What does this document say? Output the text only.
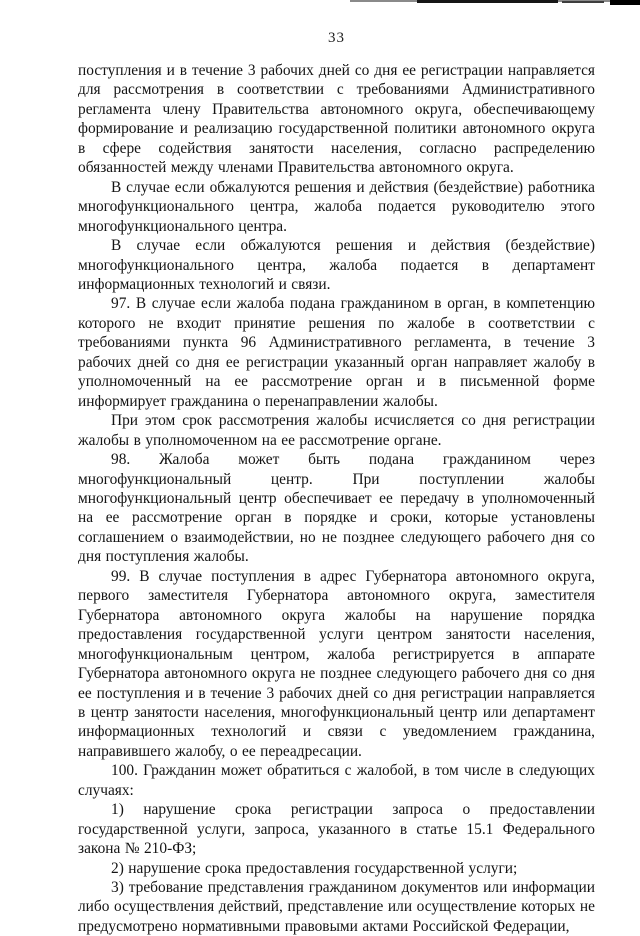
33

поступления и в течение 3 рабочих дней со дня ее регистрации направляется для рассмотрения в соответствии с требованиями Административного регламента члену Правительства автономного округа, обеспечивающему формирование и реализацию государственной политики автономного округа в сфере содействия занятости населения, согласно распределению обязанностей между членами Правительства автономного округа.

В случае если обжалуются решения и действия (бездействие) работника многофункционального центра, жалоба подается руководителю этого многофункционального центра.

В случае если обжалуются решения и действия (бездействие) многофункционального центра, жалоба подается в департамент информационных технологий и связи.

97. В случае если жалоба подана гражданином в орган, в компетенцию которого не входит принятие решения по жалобе в соответствии с требованиями пункта 96 Административного регламента, в течение 3 рабочих дней со дня ее регистрации указанный орган направляет жалобу в уполномоченный на ее рассмотрение орган и в письменной форме информирует гражданина о перенаправлении жалобы.

При этом срок рассмотрения жалобы исчисляется со дня регистрации жалобы в уполномоченном на ее рассмотрение органе.

98. Жалоба может быть подана гражданином через многофункциональный центр. При поступлении жалобы многофункциональный центр обеспечивает ее передачу в уполномоченный на ее рассмотрение орган в порядке и сроки, которые установлены соглашением о взаимодействии, но не позднее следующего рабочего дня со дня поступления жалобы.

99. В случае поступления в адрес Губернатора автономного округа, первого заместителя Губернатора автономного округа, заместителя Губернатора автономного округа жалобы на нарушение порядка предоставления государственной услуги центром занятости населения, многофункциональным центром, жалоба регистрируется в аппарате Губернатора автономного округа не позднее следующего рабочего дня со дня ее поступления и в течение 3 рабочих дней со дня регистрации направляется в центр занятости населения, многофункциональный центр или департамент информационных технологий и связи с уведомлением гражданина, направившего жалобу, о ее переадресации.

100. Гражданин может обратиться с жалобой, в том числе в следующих случаях:

1) нарушение срока регистрации запроса о предоставлении государственной услуги, запроса, указанного в статье 15.1 Федерального закона № 210-ФЗ;

2) нарушение срока предоставления государственной услуги;

3) требование представления гражданином документов или информации либо осуществления действий, представление или осуществление которых не предусмотрено нормативными правовыми актами Российской Федерации,
